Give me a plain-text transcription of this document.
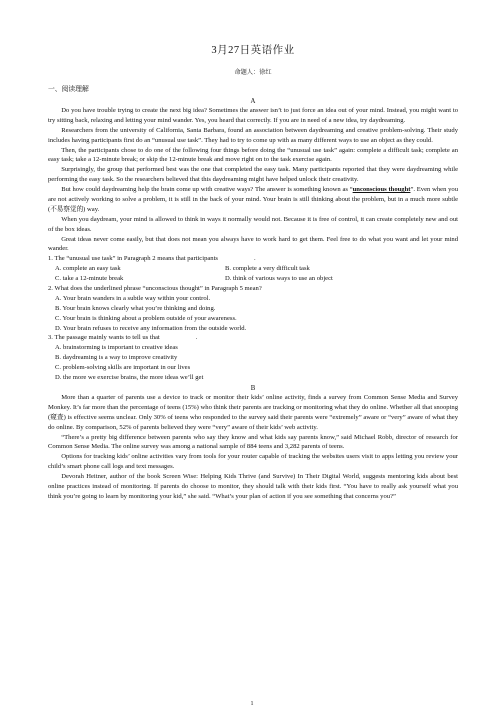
3月27日英语作业
命题人：徐红
一、阅读理解
A

Do you have trouble trying to create the next big idea? Sometimes the answer isn’t to just force an idea out of your mind. Instead, you might want to try sitting back, relaxing and letting your mind wander. Yes, you heard that correctly. If you are in need of a new idea, try daydreaming.

Researchers from the university of California, Santa Barbara, found an association between daydreaming and creative problem-solving. Their study includes having participants first do an “unusual use task”. They had to try to come up with as many different ways to use an object as they could.

Then, the participants chose to do one of the following four things before doing the “unusual use task” again: complete a difficult task; complete an easy task; take a 12-minute break; or skip the 12-minute break and move right on to the task exercise again.

Surprisingly, the group that performed best was the one that completed the easy task. Many participants reported that they were daydreaming while performing the easy task. So the researchers believed that this daydreaming might have helped unlock their creativity.

But how could daydreaming help the brain come up with creative ways? The answer is something known as “unconscious thought”. Even when you are not actively working to solve a problem, it is still in the back of your mind. Your brain is still thinking about the problem, but in a much more subtle (不易察觉的) way.

When you daydream, your mind is allowed to think in ways it normally would not. Because it is free of control, it can create completely new and out of the box ideas.

Great ideas never come easily, but that does not mean you always have to work hard to get them. Feel free to do what you want and let your mind wander.

1. The “unusual use task” in Paragraph 2 means that participants	.
A. complete an easy task	B. complete a very difficult task
C. take a 12-minute break	D. think of various ways to use an object
2. What does the underlined phrase “unconscious thought” in Paragraph 5 mean?
A. Your brain wanders in a subtle way within your control.
B. Your brain knows clearly what you’re thinking and doing.
C. Your brain is thinking about a problem outside of your awareness.
D. Your brain refuses to receive any information from the outside world.
3. The passage mainly wants to tell us that	.
A. brainstorming is important to creative ideas
B. daydreaming is a way to improve creativity
C. problem-solving skills are important in our lives
D. the more we exercise brains, the more ideas we’ll get
B

More than a quarter of parents use a device to track or monitor their kids’ online activity, finds a survey from Common Sense Media and Survey Monkey. It’s far more than the percentage of teens (15%) who think their parents are tracking or monitoring what they do online. Whether all that snooping (窥查) is effective seems unclear. Only 30% of teens who responded to the survey said their parents were “extremely” aware or “very” aware of what they do online. By comparison, 52% of parents believed they were “very” aware of their kids’ web activity.

“There’s a pretty big difference between parents who say they know and what kids say parents know,” said Michael Robb, director of research for Common Sense Media. The online survey was among a national sample of 884 teens and 3,282 parents of teens.

Options for tracking kids’ online activities vary from tools for your router capable of tracking the websites users visit to apps letting you review your child’s smart phone call logs and text messages.

Devorah Heitner, author of the book Screen Wise: Helping Kids Thrive (and Survive) In Their Digital World, suggests mentoring kids about best online practices instead of monitoring. If parents do choose to monitor, they should talk with their kids first. “You have to really ask yourself what you think you’re going to learn by monitoring your kid,” she said. “What’s your plan of action if you see something that concerns you?”

1
